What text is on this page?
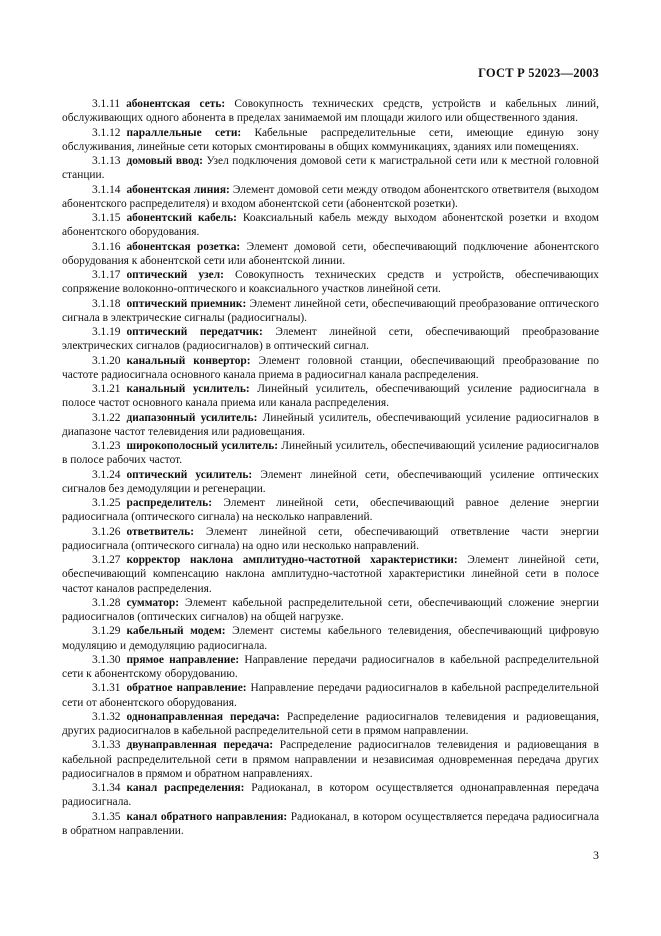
ГОСТ Р 52023—2003

3.1.11 абонентская сеть: Совокупность технических средств, устройств и кабельных линий, обслуживающих одного абонента в пределах занимаемой им площади жилого или общественного здания.

3.1.12 параллельные сети: Кабельные распределительные сети, имеющие единую зону обслуживания, линейные сети которых смонтированы в общих коммуникациях, зданиях или помещениях.

3.1.13 домовый ввод: Узел подключения домовой сети к магистральной сети или к местной головной станции.

3.1.14 абонентская линия: Элемент домовой сети между отводом абонентского ответвителя (выходом абонентского распределителя) и входом абонентской сети (абонентской розетки).

3.1.15 абонентский кабель: Коаксиальный кабель между выходом абонентской розетки и входом абонентского оборудования.

3.1.16 абонентская розетка: Элемент домовой сети, обеспечивающий подключение абонентского оборудования к абонентской сети или абонентской линии.

3.1.17 оптический узел: Совокупность технических средств и устройств, обеспечивающих сопряжение волоконно-оптического и коаксиального участков линейной сети.

3.1.18 оптический приемник: Элемент линейной сети, обеспечивающий преобразование оптического сигнала в электрические сигналы (радиосигналы).

3.1.19 оптический передатчик: Элемент линейной сети, обеспечивающий преобразование электрических сигналов (радиосигналов) в оптический сигнал.

3.1.20 канальный конвертор: Элемент головной станции, обеспечивающий преобразование по частоте радиосигнала основного канала приема в радиосигнал канала распределения.

3.1.21 канальный усилитель: Линейный усилитель, обеспечивающий усиление радиосигнала в полосе частот основного канала приема или канала распределения.

3.1.22 диапазонный усилитель: Линейный усилитель, обеспечивающий усиление радиосигналов в диапазоне частот телевидения или радиовещания.

3.1.23 широкополосный усилитель: Линейный усилитель, обеспечивающий усиление радиосигналов в полосе рабочих частот.

3.1.24 оптический усилитель: Элемент линейной сети, обеспечивающий усиление оптических сигналов без демодуляции и регенерации.

3.1.25 распределитель: Элемент линейной сети, обеспечивающий равное деление энергии радиосигнала (оптического сигнала) на несколько направлений.

3.1.26 ответвитель: Элемент линейной сети, обеспечивающий ответвление части энергии радиосигнала (оптического сигнала) на одно или несколько направлений.

3.1.27 корректор наклона амплитудно-частотной характеристики: Элемент линейной сети, обеспечивающий компенсацию наклона амплитудно-частотной характеристики линейной сети в полосе частот каналов распределения.

3.1.28 сумматор: Элемент кабельной распределительной сети, обеспечивающий сложение энергии радиосигналов (оптических сигналов) на общей нагрузке.

3.1.29 кабельный модем: Элемент системы кабельного телевидения, обеспечивающий цифровую модуляцию и демодуляцию радиосигнала.

3.1.30 прямое направление: Направление передачи радиосигналов в кабельной распределительной сети к абонентскому оборудованию.

3.1.31 обратное направление: Направление передачи радиосигналов в кабельной распределительной сети от абонентского оборудования.

3.1.32 однонаправленная передача: Распределение радиосигналов телевидения и радиовещания, других радиосигналов в кабельной распределительной сети в прямом направлении.

3.1.33 двунаправленная передача: Распределение радиосигналов телевидения и радиовещания в кабельной распределительной сети в прямом направлении и независимая одновременная передача других радиосигналов в прямом и обратном направлениях.

3.1.34 канал распределения: Радиоканал, в котором осуществляется однонаправленная передача радиосигнала.

3.1.35 канал обратного направления: Радиоканал, в котором осуществляется передача радиосигнала в обратном направлении.

3
